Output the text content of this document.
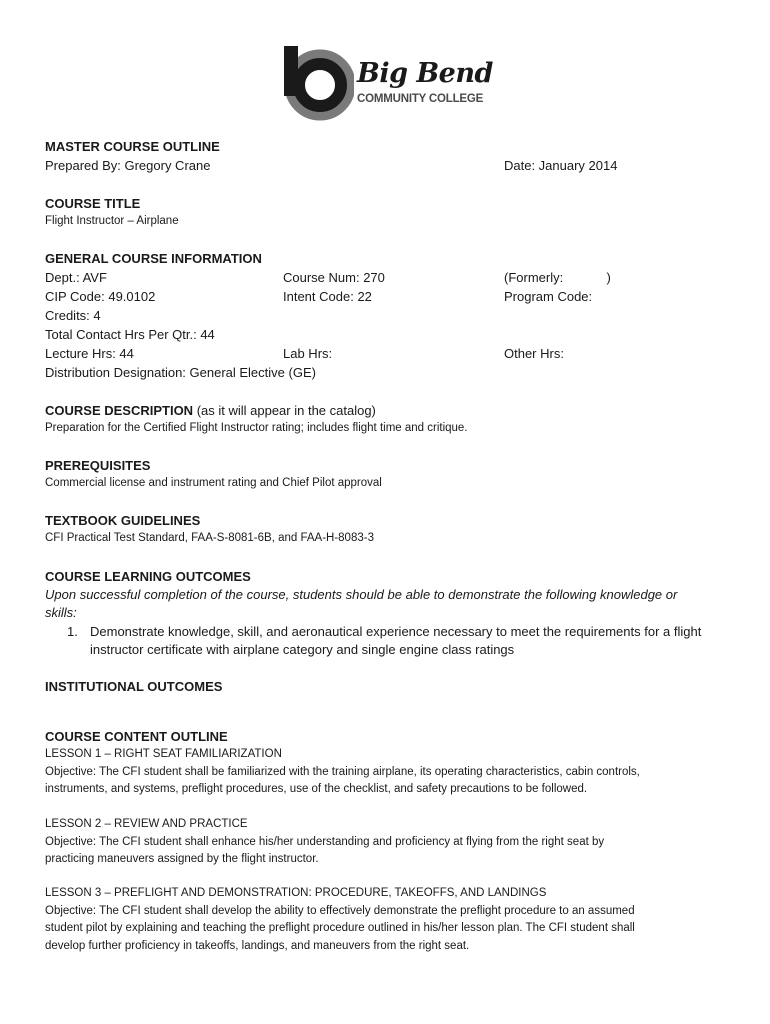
Big Bend
COMMUNITY COLLEGE
MASTER COURSE OUTLINE
Prepared By: Gregory Crane	Date: January 2014
COURSE TITLE
Flight Instructor – Airplane
GENERAL COURSE INFORMATION
Dept.: AVF	Course Num: 270	(Formerly:            )
CIP Code: 49.0102	Intent Code: 22	Program Code:
Credits: 4
Total Contact Hrs Per Qtr.: 44
Lecture Hrs: 44	Lab Hrs:	Other Hrs:
Distribution Designation: General Elective (GE)
COURSE DESCRIPTION (as it will appear in the catalog)
Preparation for the Certified Flight Instructor rating; includes flight time and critique.
PREREQUISITES
Commercial license and instrument rating and Chief Pilot approval
TEXTBOOK GUIDELINES
CFI Practical Test Standard, FAA-S-8081-6B, and FAA-H-8083-3
COURSE LEARNING OUTCOMES
Upon successful completion of the course, students should be able to demonstrate the following knowledge or
skills:
1. Demonstrate knowledge, skill, and aeronautical experience necessary to meet the requirements for a flight
instructor certificate with airplane category and single engine class ratings
INSTITUTIONAL OUTCOMES
COURSE CONTENT OUTLINE
LESSON 1 – RIGHT SEAT FAMILIARIZATION
Objective: The CFI student shall be familiarized with the training airplane, its operating characteristics, cabin controls,
instruments, and systems, preflight procedures, use of the checklist, and safety precautions to be followed.
LESSON 2 – REVIEW AND PRACTICE
Objective: The CFI student shall enhance his/her understanding and proficiency at flying from the right seat by
practicing maneuvers assigned by the flight instructor.
LESSON 3 – PREFLIGHT AND DEMONSTRATION: PROCEDURE, TAKEOFFS, AND LANDINGS
Objective: The CFI student shall develop the ability to effectively demonstrate the preflight procedure to an assumed
student pilot by explaining and teaching the preflight procedure outlined in his/her lesson plan. The CFI student shall
develop further proficiency in takeoffs, landings, and maneuvers from the right seat.
